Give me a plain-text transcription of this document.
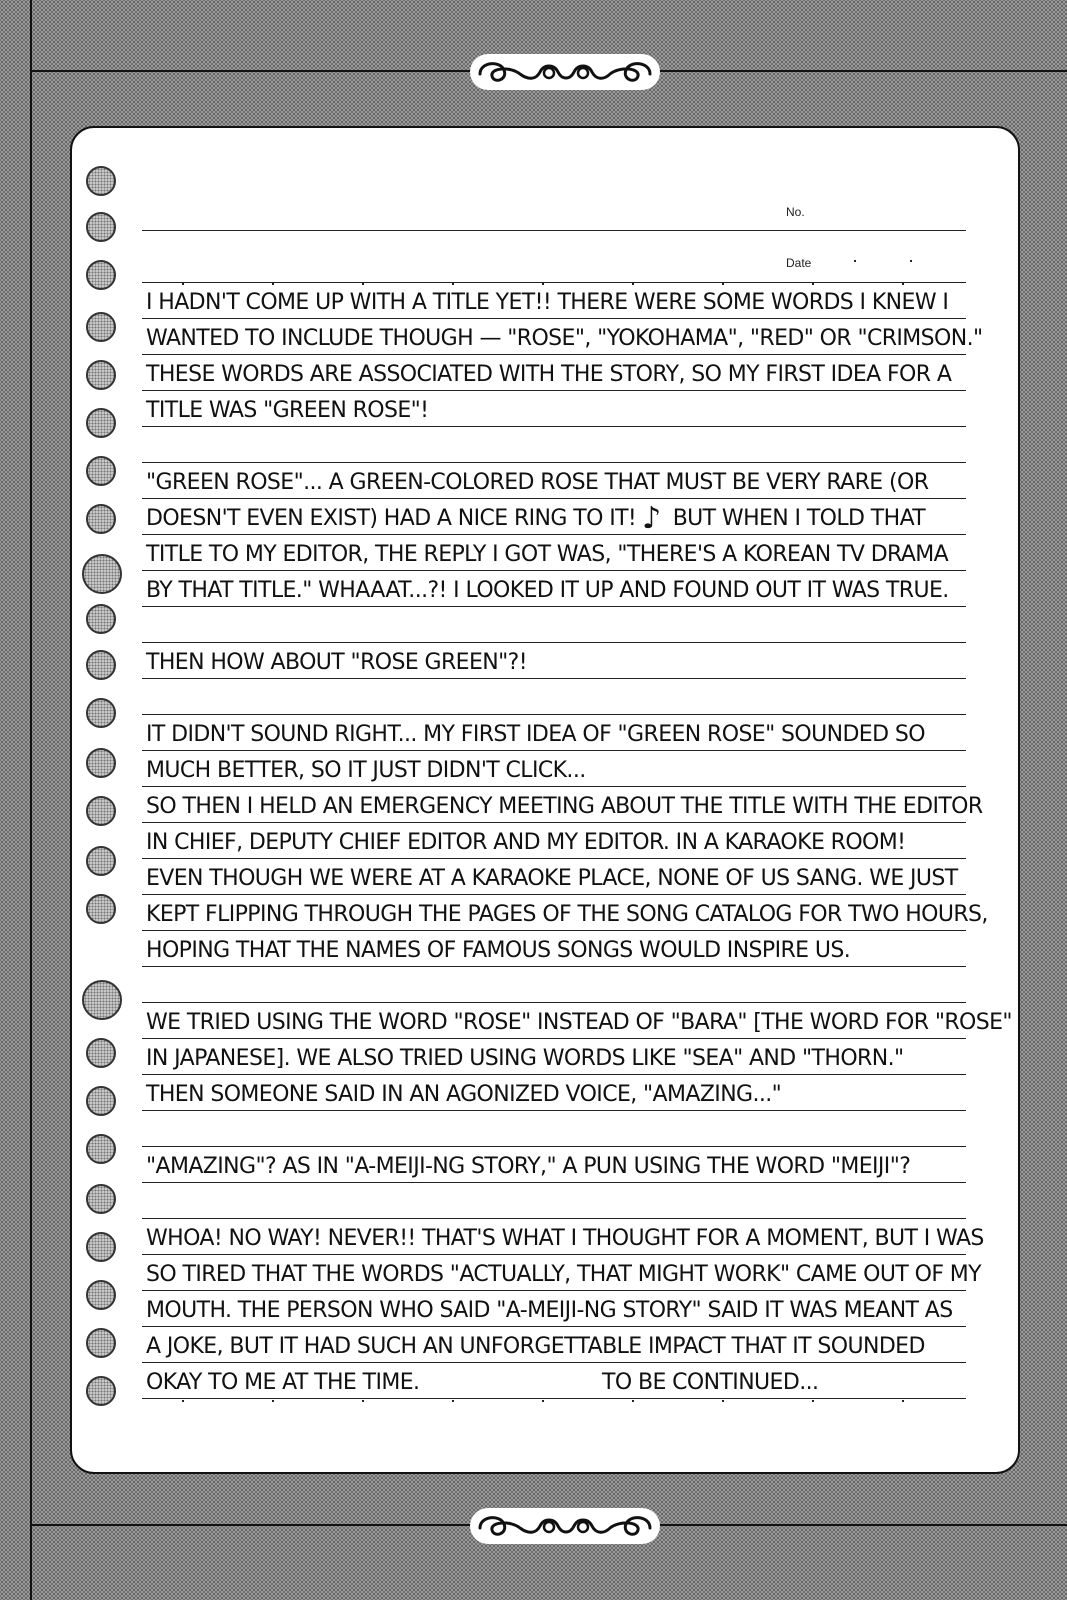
No.
Date
I HADN'T COME UP WITH A TITLE YET!! THERE WERE SOME WORDS I KNEW I
WANTED TO INCLUDE THOUGH — "ROSE", "YOKOHAMA", "RED" OR "CRIMSON."
THESE WORDS ARE ASSOCIATED WITH THE STORY, SO MY FIRST IDEA FOR A
TITLE WAS "GREEN ROSE"!
"GREEN ROSE"... A GREEN-COLORED ROSE THAT MUST BE VERY RARE (OR
DOESN'T EVEN EXIST) HAD A NICE RING TO IT! ♪ BUT WHEN I TOLD THAT
TITLE TO MY EDITOR, THE REPLY I GOT WAS, "THERE'S A KOREAN TV DRAMA
BY THAT TITLE." WHAAAT...?! I LOOKED IT UP AND FOUND OUT IT WAS TRUE.
THEN HOW ABOUT "ROSE GREEN"?!
IT DIDN'T SOUND RIGHT... MY FIRST IDEA OF "GREEN ROSE" SOUNDED SO
MUCH BETTER, SO IT JUST DIDN'T CLICK...
SO THEN I HELD AN EMERGENCY MEETING ABOUT THE TITLE WITH THE EDITOR
IN CHIEF, DEPUTY CHIEF EDITOR AND MY EDITOR. IN A KARAOKE ROOM!
EVEN THOUGH WE WERE AT A KARAOKE PLACE, NONE OF US SANG. WE JUST
KEPT FLIPPING THROUGH THE PAGES OF THE SONG CATALOG FOR TWO HOURS,
HOPING THAT THE NAMES OF FAMOUS SONGS WOULD INSPIRE US.
WE TRIED USING THE WORD "ROSE" INSTEAD OF "BARA" [THE WORD FOR "ROSE"
IN JAPANESE]. WE ALSO TRIED USING WORDS LIKE "SEA" AND "THORN."
THEN SOMEONE SAID IN AN AGONIZED VOICE, "AMAZING..."
"AMAZING"? AS IN "A-MEIJI-NG STORY," A PUN USING THE WORD "MEIJI"?
WHOA! NO WAY! NEVER!! THAT'S WHAT I THOUGHT FOR A MOMENT, BUT I WAS
SO TIRED THAT THE WORDS "ACTUALLY, THAT MIGHT WORK" CAME OUT OF MY
MOUTH. THE PERSON WHO SAID "A-MEIJI-NG STORY" SAID IT WAS MEANT AS
A JOKE, BUT IT HAD SUCH AN UNFORGETTABLE IMPACT THAT IT SOUNDED
OKAY TO ME AT THE TIME.	TO BE CONTINUED...
